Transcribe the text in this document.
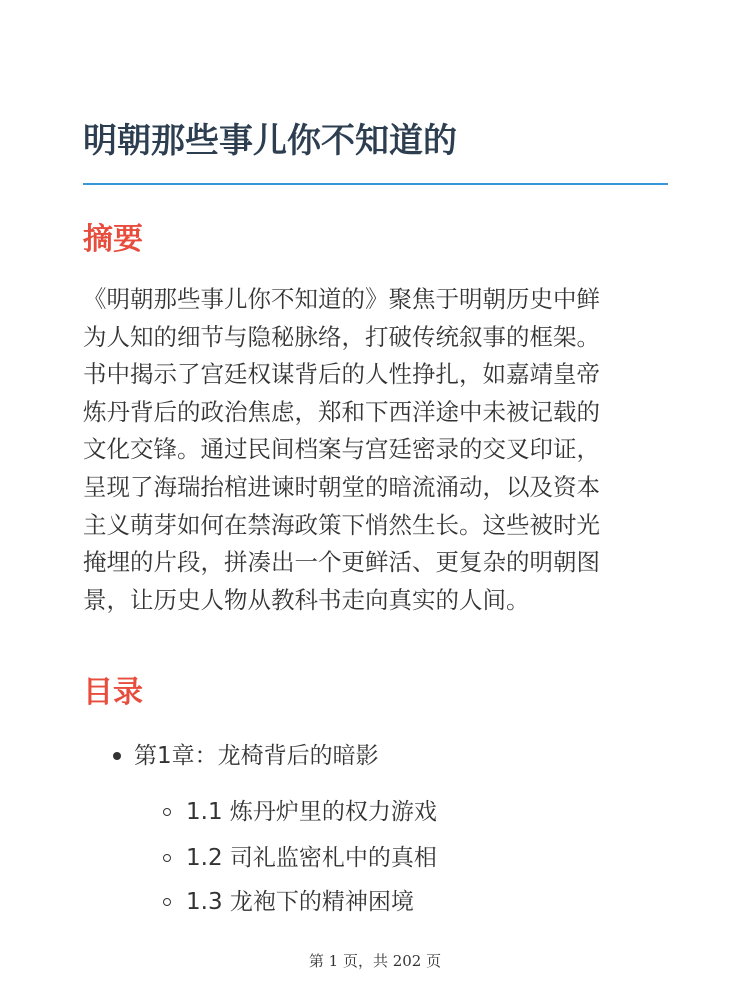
明朝那些事儿你不知道的
摘要

《明朝那些事儿你不知道的》聚焦于明朝历史中鲜
为人知的细节与隐秘脉络，打破传统叙事的框架。
书中揭示了宫廷权谋背后的人性挣扎，如嘉靖皇帝
炼丹背后的政治焦虑，郑和下西洋途中未被记载的
文化交锋。通过民间档案与宫廷密录的交叉印证，
呈现了海瑞抬棺进谏时朝堂的暗流涌动，以及资本
主义萌芽如何在禁海政策下悄然生长。这些被时光
掩埋的片段，拼凑出一个更鲜活、更复杂的明朝图
景，让历史人物从教科书走向真实的人间。

目录
第1章：龙椅背后的暗影
1.1 炼丹炉里的权力游戏
1.2 司礼监密札中的真相
1.3 龙袍下的精神困境
第 1 页，共 202 页
